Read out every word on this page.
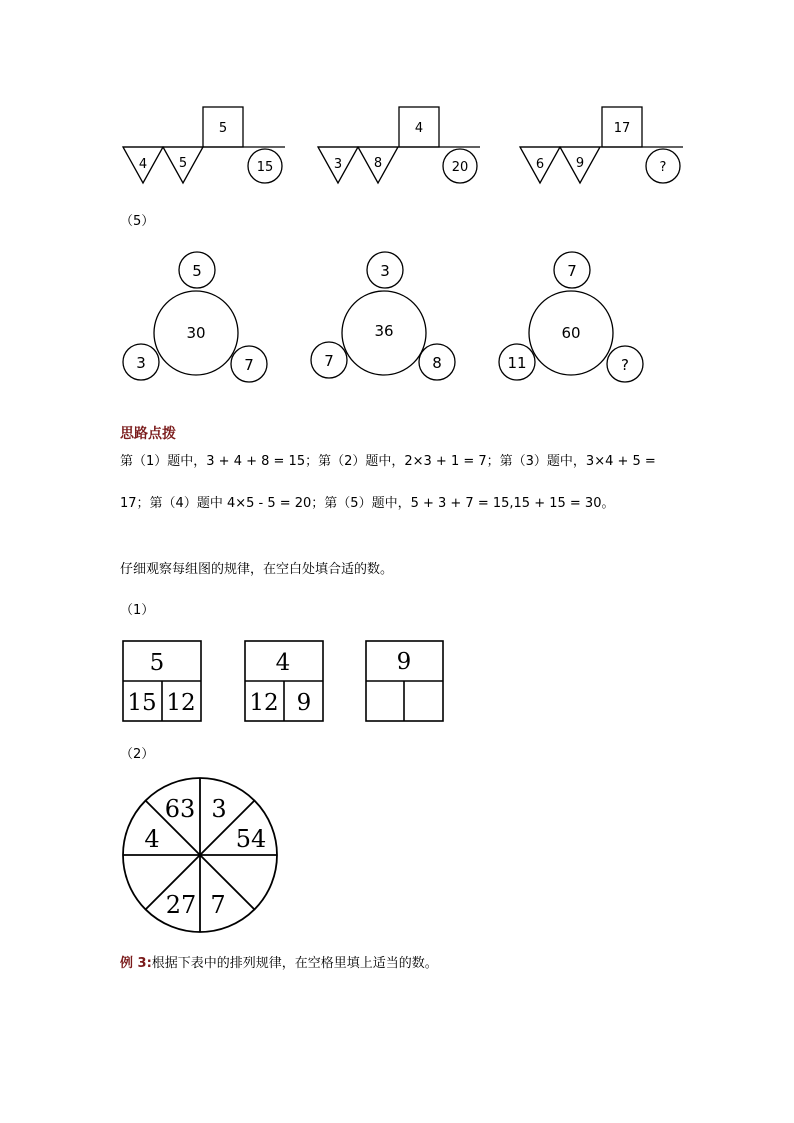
5
4 5	15
4
3 8	20
17
6 9	?
5
30
3	7
3
36
7	8
7
60
11	?
5
15 12
4
12 9
9
63 3
4	54
27 7
（5）
思路点拨
第（1）题中，3 + 4 + 8 = 15；第（2）题中，2×3 + 1 = 7；第（3）题中，3×4 + 5 =
17；第（4）题中 4×5 - 5 = 20；第（5）题中，5 + 3 + 7 = 15,15 + 15 = 30。
仔细观察每组图的规律，在空白处填合适的数。
（1）
（2）
例 3:根据下表中的排列规律，在空格里填上适当的数。
